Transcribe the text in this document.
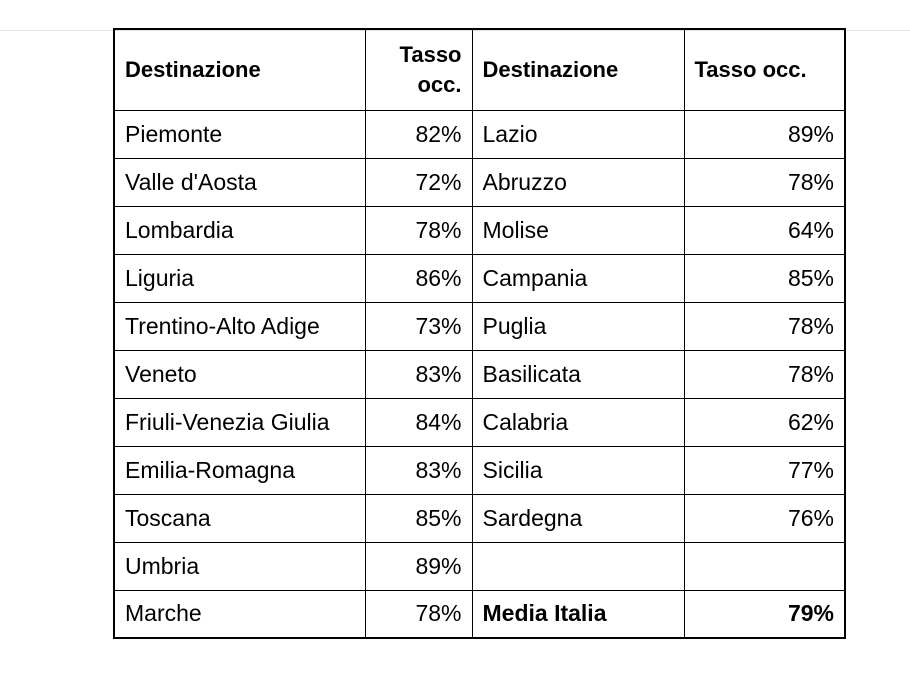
Destinazione	Tasso occ.	Destinazione	Tasso occ.
Piemonte	82%	Lazio	89%
Valle d'Aosta	72%	Abruzzo	78%
Lombardia	78%	Molise	64%
Liguria	86%	Campania	85%
Trentino-Alto Adige	73%	Puglia	78%
Veneto	83%	Basilicata	78%
Friuli-Venezia Giulia	84%	Calabria	62%
Emilia-Romagna	83%	Sicilia	77%
Toscana	85%	Sardegna	76%
Umbria	89%		
Marche	78%	Media Italia	79%
